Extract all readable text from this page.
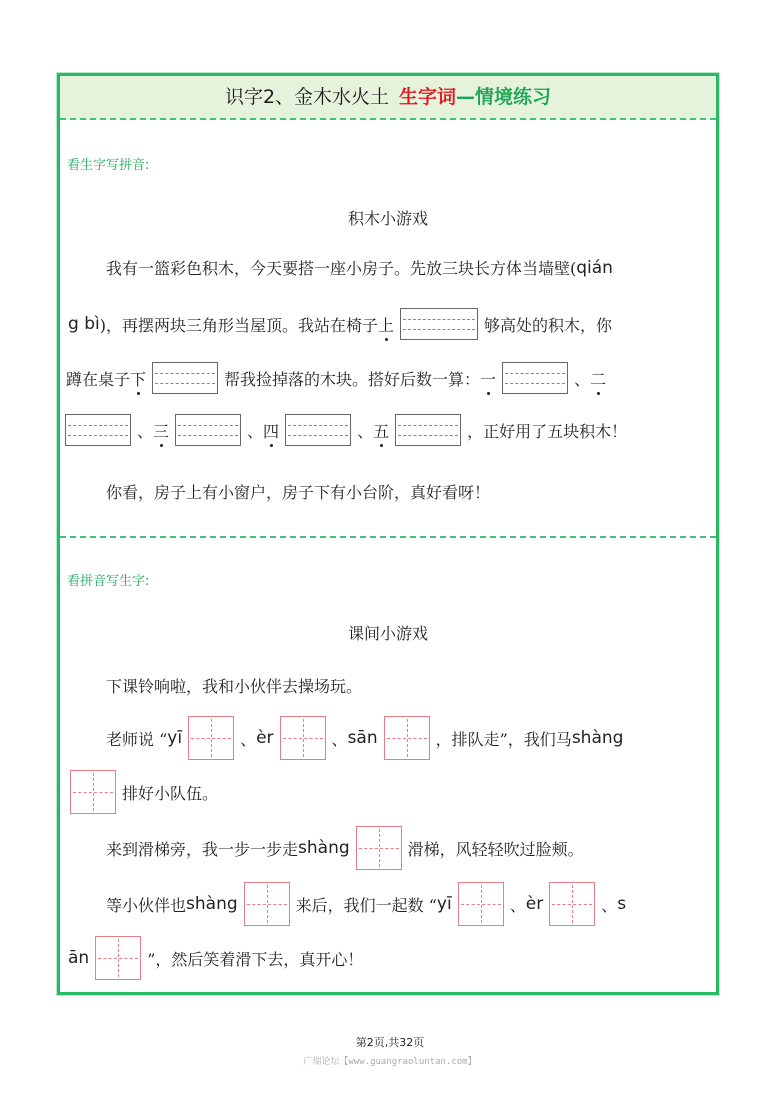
识字2、金木水火土 生字词—情境练习
看生字写拼音:
积木小游戏
我有一篮彩色积木，今天要搭一座小房子。先放三块长方体当墙壁( qián
g bì )，再摆两块三角形当屋顶。我站在椅子 上	够高处的积木，你
蹲在桌子 下	帮我捡掉落的木块。搭好后数一算： 一	、 二
、 三	、 四	、 五	，正好用了五块积木！
你看，房子上有小窗户，房子下有小台阶，真好看呀！
看拼音写生字:
课间小游戏
下课铃响啦，我和小伙伴去操场玩。
老师说 “ yī	、 èr	、 sān	，排队走”，我们马 shàng
排好小队伍。
来到滑梯旁，我一步一步走 shàng	滑梯，风轻轻吹过脸颊。
等小伙伴也 shàng	来后，我们一起数 “ yī	、 èr	、 s
ān	”，然后笑着滑下去，真开心！
第2页,共32页
广瑞论坛【www.guangraoluntan.com】
